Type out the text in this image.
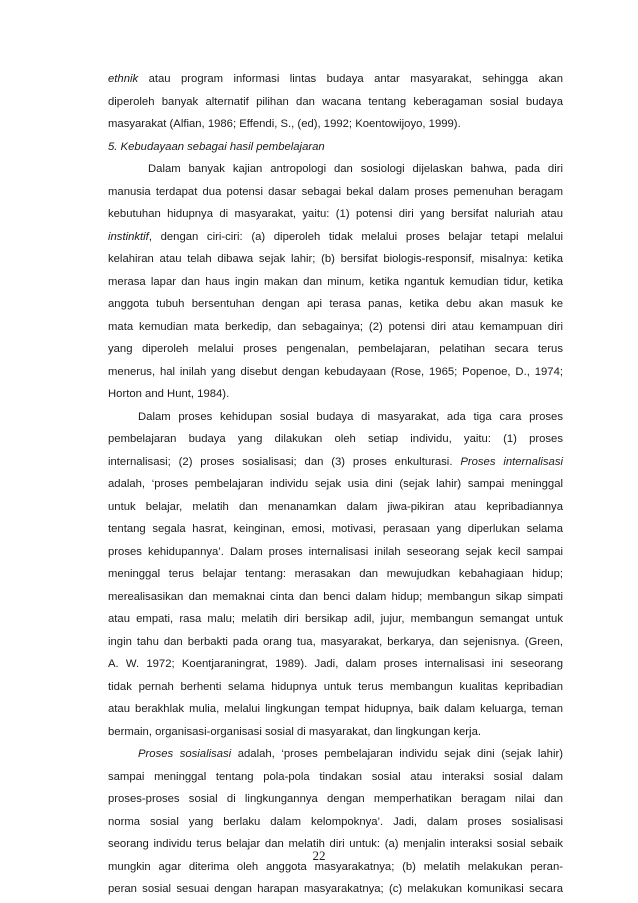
ethnik atau program informasi lintas budaya antar masyarakat, sehingga akan
diperoleh banyak alternatif pilihan dan wacana tentang keberagaman sosial budaya
masyarakat (Alfian, 1986; Effendi, S., (ed), 1992; Koentowijoyo, 1999).
5. Kebudayaan sebagai hasil pembelajaran
Dalam banyak kajian antropologi dan sosiologi dijelaskan bahwa, pada diri
manusia terdapat dua potensi dasar sebagai bekal dalam proses pemenuhan beragam
kebutuhan hidupnya di masyarakat, yaitu: (1) potensi diri yang bersifat naluriah atau
instinktif, dengan ciri-ciri: (a) diperoleh tidak melalui proses belajar tetapi melalui
kelahiran atau telah dibawa sejak lahir; (b) bersifat biologis-responsif, misalnya: ketika
merasa lapar dan haus ingin makan dan minum, ketika ngantuk kemudian tidur, ketika
anggota tubuh bersentuhan dengan api terasa panas, ketika debu akan masuk ke
mata kemudian mata berkedip, dan sebagainya; (2) potensi diri atau kemampuan diri
yang diperoleh melalui proses pengenalan, pembelajaran, pelatihan secara terus
menerus, hal inilah yang disebut dengan kebudayaan (Rose, 1965; Popenoe, D., 1974;
Horton and Hunt, 1984).
Dalam proses kehidupan sosial budaya di masyarakat, ada tiga cara proses
pembelajaran budaya yang dilakukan oleh setiap individu, yaitu: (1) proses
internalisasi; (2) proses sosialisasi; dan (3) proses enkulturasi. Proses internalisasi
adalah, ‘proses pembelajaran individu sejak usia dini (sejak lahir) sampai meninggal
untuk belajar, melatih dan menanamkan dalam jiwa-pikiran atau kepribadiannya
tentang segala hasrat, keinginan, emosi, motivasi, perasaan yang diperlukan selama
proses kehidupannya’. Dalam proses internalisasi inilah seseorang sejak kecil sampai
meninggal terus belajar tentang: merasakan dan mewujudkan kebahagiaan hidup;
merealisasikan dan memaknai cinta dan benci dalam hidup; membangun sikap simpati
atau empati, rasa malu; melatih diri bersikap adil, jujur, membangun semangat untuk
ingin tahu dan berbakti pada orang tua, masyarakat, berkarya, dan sejenisnya. (Green,
A. W. 1972; Koentjaraningrat, 1989). Jadi, dalam proses internalisasi ini seseorang
tidak pernah berhenti selama hidupnya untuk terus membangun kualitas kepribadian
atau berakhlak mulia, melalui lingkungan tempat hidupnya, baik dalam keluarga, teman
bermain, organisasi-organisasi sosial di masyarakat, dan lingkungan kerja.
Proses sosialisasi adalah, ‘proses pembelajaran individu sejak dini (sejak lahir)
sampai meninggal tentang pola-pola tindakan sosial atau interaksi sosial dalam
proses-proses sosial di lingkungannya dengan memperhatikan beragam nilai dan
norma sosial yang berlaku dalam kelompoknya’. Jadi, dalam proses sosialisasi
seorang individu terus belajar dan melatih diri untuk: (a) menjalin interaksi sosial sebaik
mungkin agar diterima oleh anggota masyarakatnya; (b) melatih melakukan peran-
peran sosial sesuai dengan harapan masyarakatnya; (c) melakukan komunikasi secara
22
